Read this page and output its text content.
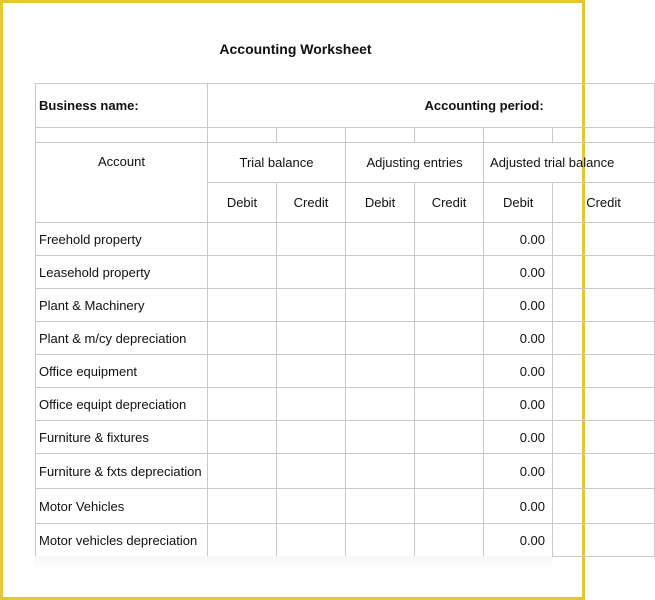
Accounting Worksheet
Business name:				Accounting period:		

Account	Trial balance		Adjusting entries		Adjusted trial balance	
	Debit	Credit	Debit	Credit	Debit	Credit
Freehold property					0.00	
Leasehold property					0.00	
Plant & Machinery					0.00	
Plant & m/cy depreciation					0.00	
Office equipment					0.00	
Office equipt depreciation					0.00	
Furniture & fixtures					0.00	
Furniture & fxts depreciation					0.00	
Motor Vehicles					0.00	
Motor vehicles depreciation					0.00	
